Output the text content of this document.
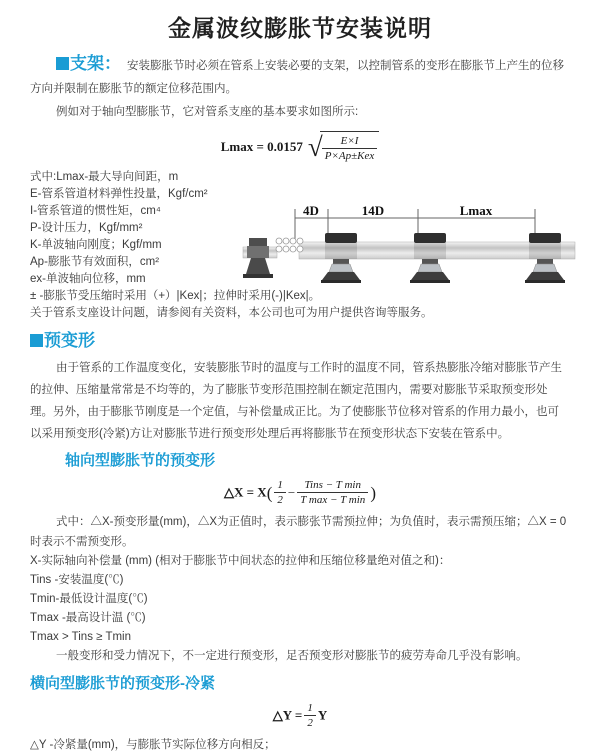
金属波纹膨胀节安装说明

支架： 安装膨胀节时必须在管系上安装必要的支架，以控制管系的变形在膨胀节上产生的位移方向并限制在膨胀节的额定位移范围内。

例如对于轴向型膨胀节，它对管系支座的基本要求如图所示:

Lmax = 0.0157 √ $\frac{E\times I}{\text{P×Ap±Kex}}$

式中:Lmax-最大导向间距，m

E-管系管道材料弹性投量，Kgf/cm²

I-管系管道的惯性矩，cm⁴

P-设计压力，Kgf/mm²

K-单波轴向刚度；Kgf/mm

Ap-膨胀节有效面积，cm²

ex-单波轴向位移，mm

± -膨胀节受压缩时采用（+）|Kex|；拉伸时采用(-)|Kex|。

关于管系支座设计问题，请参阅有关资料，本公司也可为用户提供咨询等服务。

4D	14D	Lmax
预变形

由于管系的工作温度变化，安装膨胀节时的温度与工作时的温度不同，管系热膨胀冷缩对膨胀节产生的拉伸、压缩量常常是不均等的，为了膨胀节变形范围控制在额定范围内，需要对膨胀节采取预变形处理。另外，由于膨胀节刚度是一个定值，与补偿量成正比。为了使膨胀节位移对管系的作用力最小，也可以采用预变形(冷紧)方让对膨胀节进行预变形处理后再将膨胀节在预变形状态下安装在管系中。

轴向型膨胀节的预变形
△X = $X( \frac{1}{2} - \frac{\text{Tins − T min}}{\text{T max − T min}}$ )

式中：△X-预变形量(mm)，△X为正值时，表示膨张节需预拉伸；为负值时，表示需预压缩；△X = 0时表示不需预变形。

X-实际轴向补偿量 (mm) (相对于膨胀节中间状态的拉伸和压缩位移量绝对值之和)：

Tins -安装温度(℃)

Tmin-最低设计温度(℃)

Tmax -最高设计温 (℃)

Tmax > Tins ≥ Tmin

一般变形和受力情况下，不一定进行预变形，足否预变形对膨胀节的疲劳寿命几乎没有影响。

横向型膨胀节的预变形-冷紧
△Y = $\frac{1}{2}$ Y

△Y -冷紧量(mm)，与膨胀节实际位移方向相反；
